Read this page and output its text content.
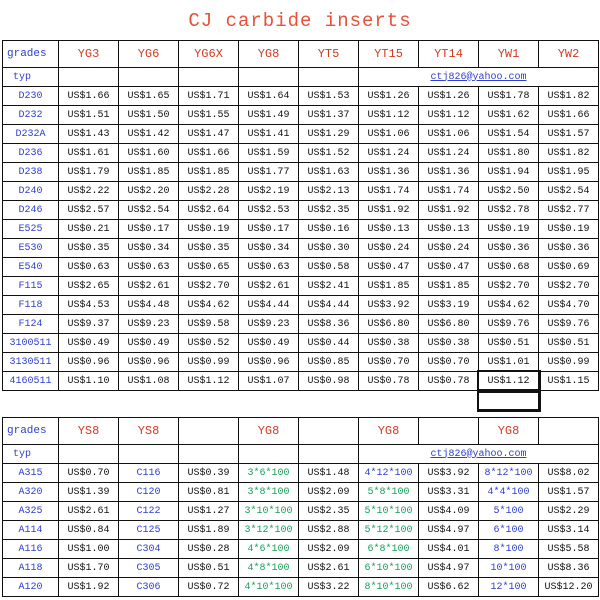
CJ carbide inserts
grades	YG3	YG6	YG6X	YG8	YT5	YT15	YT14	YW1	YW2
typ						ctj826@yahoo.com			
D230	US$1.66	US$1.65	US$1.71	US$1.64	US$1.53	US$1.26	US$1.26	US$1.78	US$1.82
D232	US$1.51	US$1.50	US$1.55	US$1.49	US$1.37	US$1.12	US$1.12	US$1.62	US$1.66
D232A	US$1.43	US$1.42	US$1.47	US$1.41	US$1.29	US$1.06	US$1.06	US$1.54	US$1.57
D236	US$1.61	US$1.60	US$1.66	US$1.59	US$1.52	US$1.24	US$1.24	US$1.80	US$1.82
D238	US$1.79	US$1.85	US$1.85	US$1.77	US$1.63	US$1.36	US$1.36	US$1.94	US$1.95
D240	US$2.22	US$2.20	US$2.28	US$2.19	US$2.13	US$1.74	US$1.74	US$2.50	US$2.54
D246	US$2.57	US$2.54	US$2.64	US$2.53	US$2.35	US$1.92	US$1.92	US$2.78	US$2.77
E525	US$0.21	US$0.17	US$0.19	US$0.17	US$0.16	US$0.13	US$0.13	US$0.19	US$0.19
E530	US$0.35	US$0.34	US$0.35	US$0.34	US$0.30	US$0.24	US$0.24	US$0.36	US$0.36
E540	US$0.63	US$0.63	US$0.65	US$0.63	US$0.58	US$0.47	US$0.47	US$0.68	US$0.69
F115	US$2.65	US$2.61	US$2.70	US$2.61	US$2.41	US$1.85	US$1.85	US$2.70	US$2.70
F118	US$4.53	US$4.48	US$4.62	US$4.44	US$4.44	US$3.92	US$3.19	US$4.62	US$4.70
F124	US$9.37	US$9.23	US$9.58	US$9.23	US$8.36	US$6.80	US$6.80	US$9.76	US$9.76
3100511	US$0.49	US$0.49	US$0.52	US$0.49	US$0.44	US$0.38	US$0.38	US$0.51	US$0.51
3130511	US$0.96	US$0.96	US$0.99	US$0.96	US$0.85	US$0.70	US$0.70	US$1.01	US$0.99
4160511	US$1.10	US$1.08	US$1.12	US$1.07	US$0.98	US$0.78	US$0.78	US$1.12	US$1.15

grades	YS8	YS8		YG8		YG8		YG8	
typ						ctj826@yahoo.com			
A315	US$0.70	C116	US$0.39	3*6*100	US$1.48	4*12*100	US$3.92	8*12*100	US$8.02
A320	US$1.39	C120	US$0.81	3*8*100	US$2.09	5*8*100	US$3.31	4*4*100	US$1.57
A325	US$2.61	C122	US$1.27	3*10*100	US$2.35	5*10*100	US$4.09	5*100	US$2.29
A114	US$0.84	C125	US$1.89	3*12*100	US$2.88	5*12*100	US$4.97	6*100	US$3.14
A116	US$1.00	C304	US$0.28	4*6*100	US$2.09	6*8*100	US$4.01	8*100	US$5.58
A118	US$1.70	C305	US$0.51	4*8*100	US$2.61	6*10*100	US$4.97	10*100	US$8.36
A120	US$1.92	C306	US$0.72	4*10*100	US$3.22	8*10*100	US$6.62	12*100	US$12.20
